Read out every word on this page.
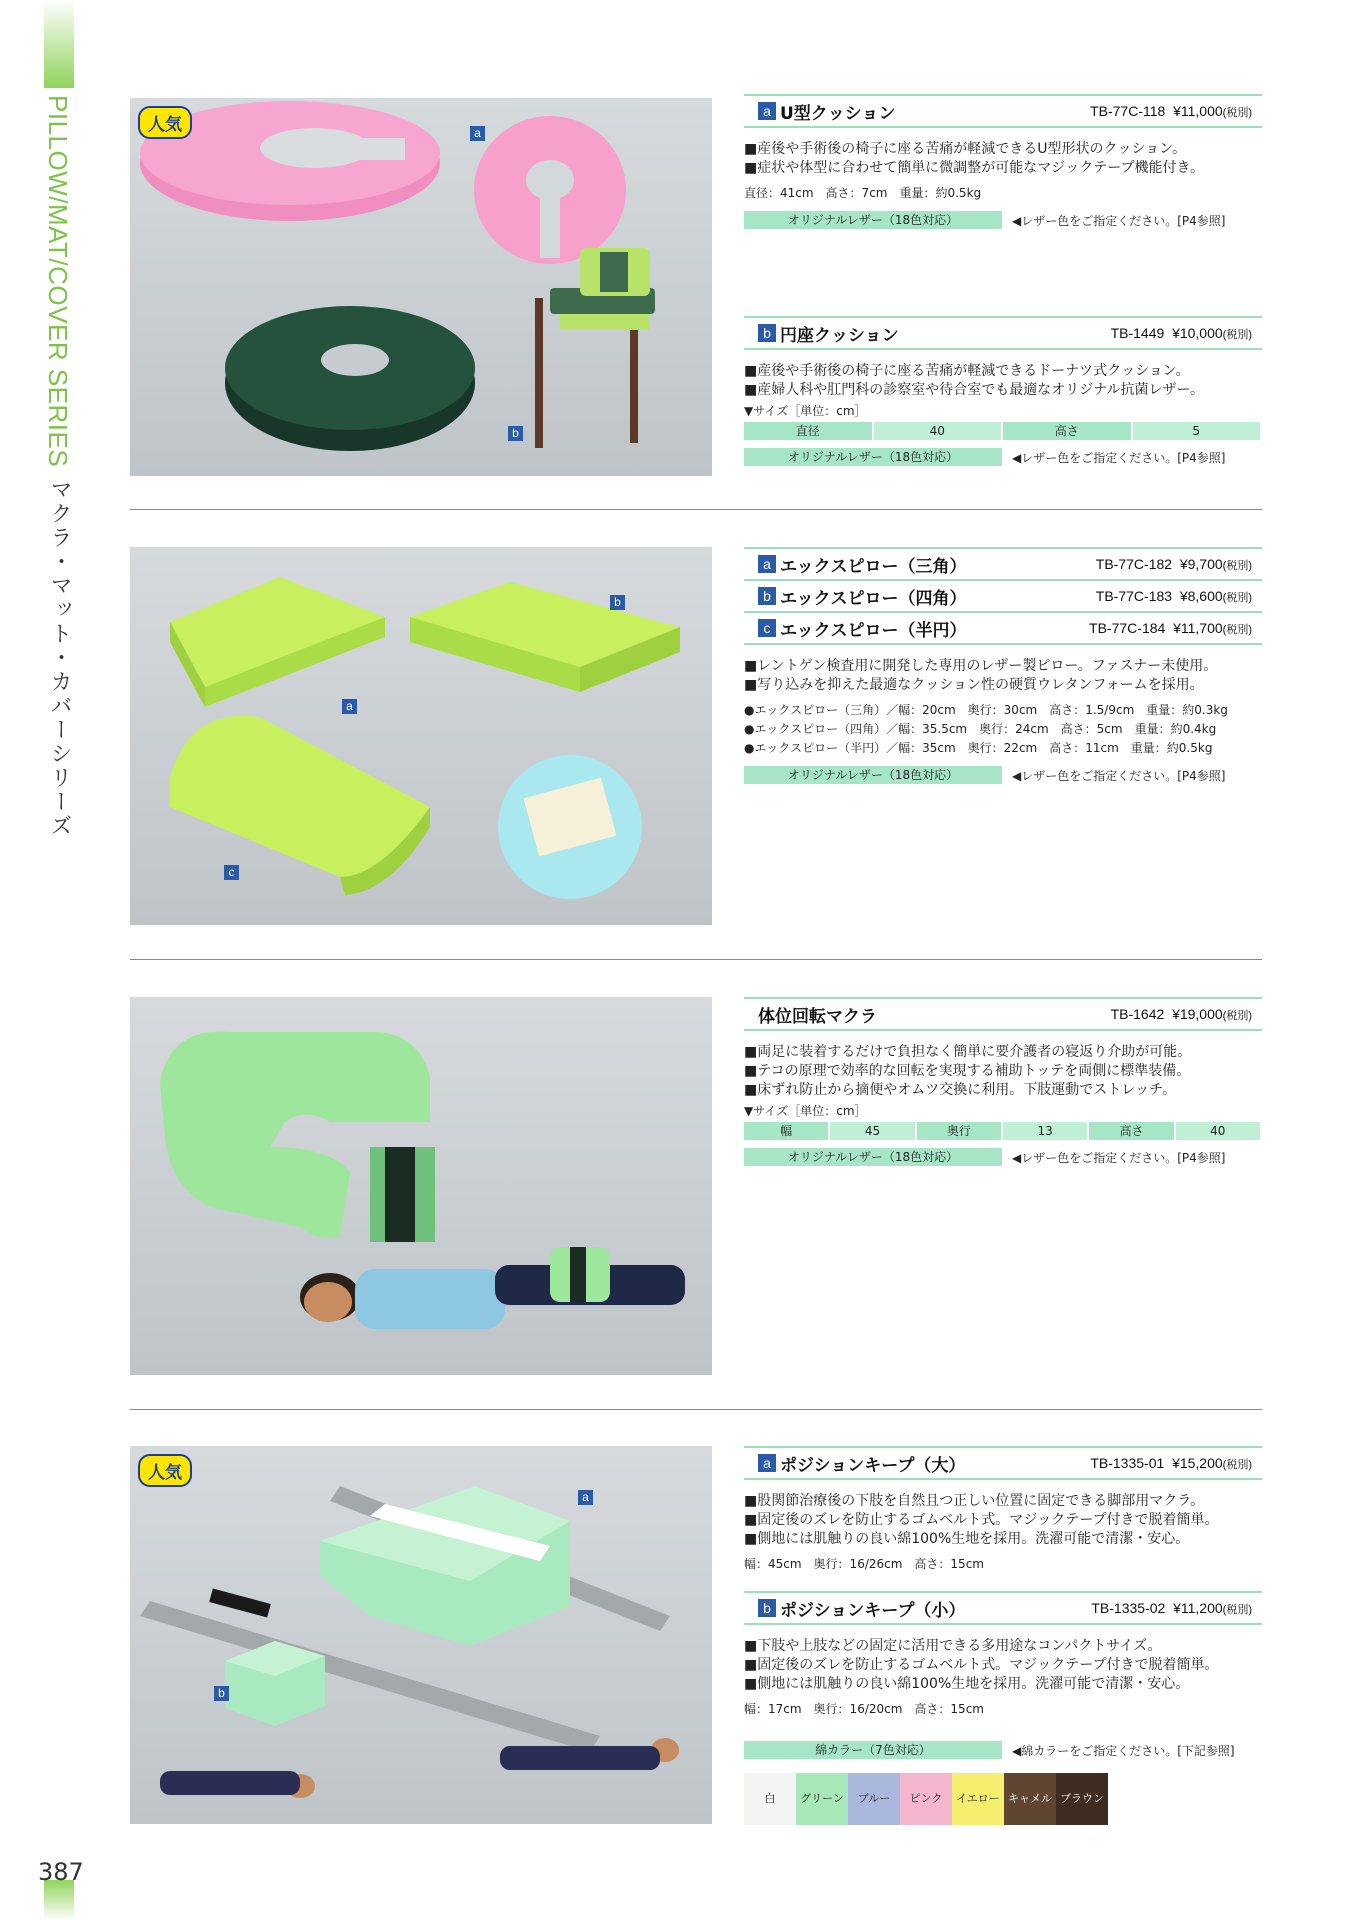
PILLOW/MAT/COVER SERIES
マクラ・マット・カバーシリーズ
387
人気	a
b
b
a
c
人気
a
b
a U型クッション	TB-77C-118 ¥11,000(税別)
■産後や手術後の椅子に座る苦痛が軽減できるU型形状のクッション。
■症状や体型に合わせて簡単に微調整が可能なマジックテープ機能付き。
直径：41cm　高さ：7cm　重量：約0.5kg
オリジナルレザー（18色対応）	◀レザー色をご指定ください。[P4参照]
b 円座クッション	TB-1449 ¥10,000(税別)
■産後や手術後の椅子に座る苦痛が軽減できるドーナツ式クッション。
■産婦人科や肛門科の診察室や待合室でも最適なオリジナル抗菌レザー。
▼サイズ［単位：cm］
直径	40	高さ	5
オリジナルレザー（18色対応）	◀レザー色をご指定ください。[P4参照]
a エックスピロー（三角）	TB-77C-182 ¥9,700(税別)
b エックスピロー（四角）	TB-77C-183 ¥8,600(税別)
c エックスピロー（半円）	TB-77C-184 ¥11,700(税別)
■レントゲン検査用に開発した専用のレザー製ピロー。ファスナー未使用。
■写り込みを抑えた最適なクッション性の硬質ウレタンフォームを採用。
●エックスピロー（三角）／幅：20cm　奥行：30cm　高さ：1.5/9cm　重量：約0.3kg
●エックスピロー（四角）／幅：35.5cm　奥行：24cm　高さ：5cm　重量：約0.4kg
●エックスピロー（半円）／幅：35cm　奥行：22cm　高さ：11cm　重量：約0.5kg
オリジナルレザー（18色対応）	◀レザー色をご指定ください。[P4参照]
体位回転マクラ	TB-1642 ¥19,000(税別)
■両足に装着するだけで負担なく簡単に要介護者の寝返り介助が可能。
■テコの原理で効率的な回転を実現する補助トッテを両側に標準装備。
■床ずれ防止から摘便やオムツ交換に利用。下肢運動でストレッチ。
▼サイズ［単位：cm］
幅	45	奥行	13	高さ	40
オリジナルレザー（18色対応）	◀レザー色をご指定ください。[P4参照]
a ポジションキープ（大）	TB-1335-01 ¥15,200(税別)
■股関節治療後の下肢を自然且つ正しい位置に固定できる脚部用マクラ。
■固定後のズレを防止するゴムベルト式。マジックテープ付きで脱着簡単。
■側地には肌触りの良い綿100%生地を採用。洗濯可能で清潔・安心。
幅：45cm　奥行：16/26cm　高さ：15cm
b ポジションキープ（小）	TB-1335-02 ¥11,200(税別)
■下肢や上肢などの固定に活用できる多用途なコンパクトサイズ。
■固定後のズレを防止するゴムベルト式。マジックテープ付きで脱着簡単。
■側地には肌触りの良い綿100%生地を採用。洗濯可能で清潔・安心。
幅：17cm　奥行：16/20cm　高さ：15cm
綿カラー（7色対応）	◀綿カラーをご指定ください。[下記参照]
白	グリーン	ブルー	ピンク	イエロー キャメル ブラウン
